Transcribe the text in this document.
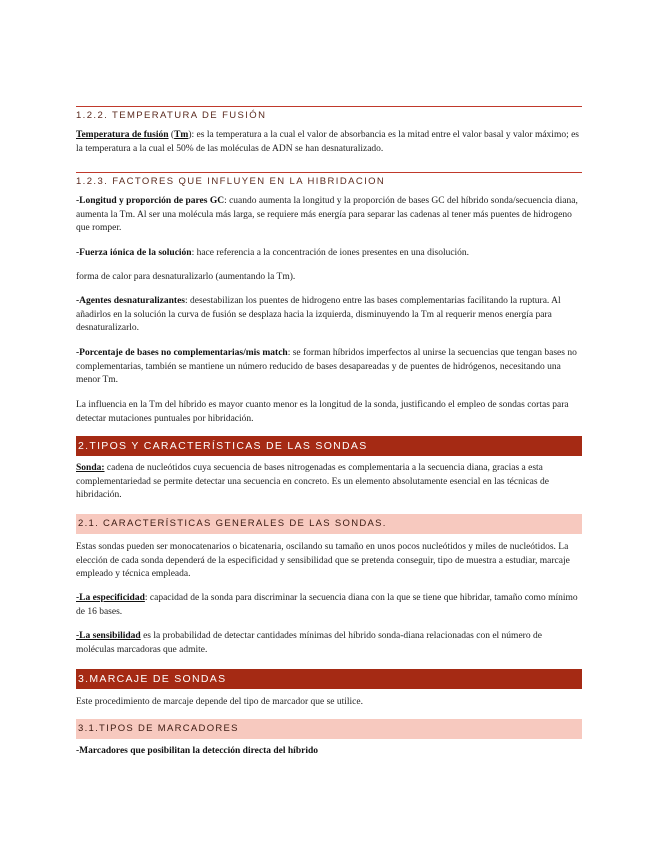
1.2.2. TEMPERATURA DE FUSIÓN
Temperatura de fusión (Tm): es la temperatura a la cual el valor de absorbancia es la mitad entre el valor basal y valor máximo; es la temperatura a la cual el 50% de las moléculas de ADN se han desnaturalizado.
1.2.3. FACTORES QUE INFLUYEN EN LA HIBRIDACION
-Longitud y proporción de pares GC: cuando aumenta la longitud y la proporción de bases GC del híbrido sonda/secuencia diana, aumenta la Tm. Al ser una molécula más larga, se requiere más energía para separar las cadenas al tener más puentes de hidrogeno que romper.
-Fuerza iónica de la solución: hace referencia a la concentración de iones presentes en una disolución.
forma de calor para desnaturalizarlo (aumentando la Tm).
-Agentes desnaturalizantes: desestabilizan los puentes de hidrogeno entre las bases complementarias facilitando la ruptura. Al añadirlos en la solución la curva de fusión se desplaza hacia la izquierda, disminuyendo la Tm al requerir menos energía para desnaturalizarlo.
-Porcentaje de bases no complementarias/mis match: se forman híbridos imperfectos al unirse la secuencias que tengan bases no complementarias, también se mantiene un número reducido de bases desapareadas y de puentes de hidrógenos, necesitando una menor Tm.
La influencia en la Tm del híbrido es mayor cuanto menor es la longitud de la sonda, justificando el empleo de sondas cortas para detectar mutaciones puntuales por hibridación.
2.TIPOS Y CARACTERÍSTICAS DE LAS SONDAS
Sonda: cadena de nucleótidos cuya secuencia de bases nitrogenadas es complementaria a la secuencia diana, gracias a esta complementariedad se permite detectar una secuencia en concreto. Es un elemento absolutamente esencial en las técnicas de hibridación.
2.1. CARACTERÍSTICAS GENERALES DE LAS SONDAS.
Estas sondas pueden ser monocatenarios o bicatenaria, oscilando su tamaño en unos pocos nucleótidos y miles de nucleótidos. La elección de cada sonda dependerá de la especificidad y sensibilidad que se pretenda conseguir, tipo de muestra a estudiar, marcaje empleado y técnica empleada.
-La especificidad: capacidad de la sonda para discriminar la secuencia diana con la que se tiene que hibridar, tamaño como mínimo de 16 bases.
-La sensibilidad es la probabilidad de detectar cantidades mínimas del híbrido sonda-diana relacionadas con el número de moléculas marcadoras que admite.
3.MARCAJE DE SONDAS
Este procedimiento de marcaje depende del tipo de marcador que se utilice.
3.1.TIPOS DE MARCADORES
-Marcadores que posibilitan la detección directa del híbrido
